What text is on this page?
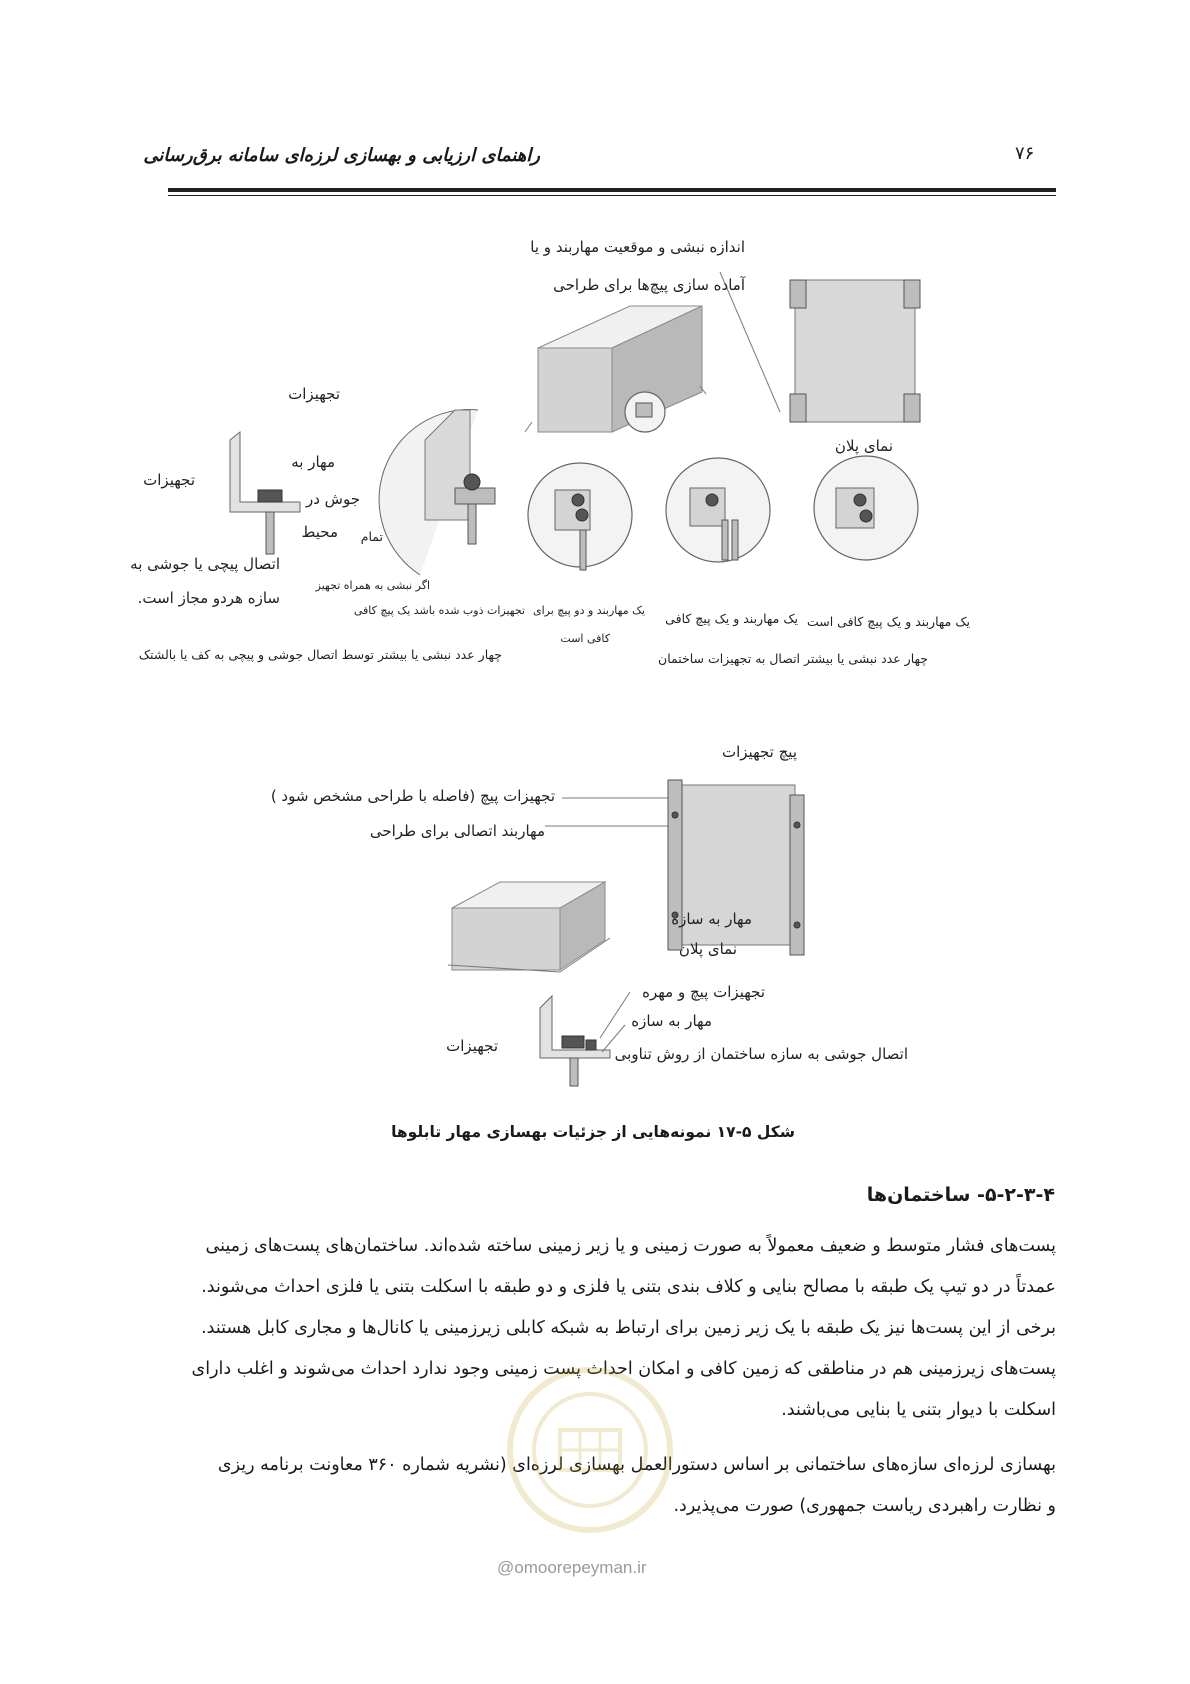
۷۶
راهنمای ارزیابی و بهسازی لرزه‌ای سامانه برق‌رسانی
اندازه نبشی و موقعیت مهاربند و یا
آماده سازی پیچ‌ها برای طراحی
نمای پلان
تجهیزات
تجهیزات
مهار به
جوش در
تمام
محیط
اتصال پیچی یا جوشی به
سازه هردو مجاز است.
اگر نبشی به همراه تجهیز
تجهیزات ذوب شده باشد یک پیچ کافی یک مهاربند و دو پیچ برای
کافی است
یک مهاربند و یک پیچ کافی یک مهاربند و یک پیچ کافی است
چهار عدد نبشی یا بیشتر توسط اتصال جوشی و پیچی به کف یا بالشتک	چهار عدد نبشی یا بیشتر اتصال به تجهیزات ساختمان
پیچ تجهیزات
تجهیزات پیچ (فاصله با طراحی مشخص شود )
مهاربند اتصالی برای طراحی
مهار به سازه
نمای پلان
تجهیزات پیچ و مهره
مهار به سازه
تجهیزات	اتصال جوشی به سازه ساختمان از روش تناوبی
شکل ۵-۱۷ نمونه‌هایی از جزئیات بهسازی مهار تابلوها
۵-۲-۳-۴- ساختمان‌ها
پست‌های فشار متوسط و ضعیف معمولاً به صورت زمینی و یا زیر زمینی ساخته شده‌اند. ساختمان‌های پست‌های زمینی
عمدتاً در دو تیپ یک طبقه با مصالح بنایی و کلاف بندی بتنی یا فلزی و دو طبقه با اسکلت بتنی یا فلزی احداث می‌شوند.
برخی از این پست‌ها نیز یک طبقه با یک زیر زمین برای ارتباط به شبکه کابلی زیرزمینی یا کانال‌ها و مجاری کابل هستند.
پست‌های زیرزمینی هم در مناطقی که زمین کافی و امکان احداث پست زمینی وجود ندارد احداث می‌شوند و اغلب دارای
اسکلت با دیوار بتنی یا بنایی می‌باشند.
بهسازی لرزه‌ای سازه‌های ساختمانی بر اساس دستورالعمل بهسازی لرزه‌ای (نشریه شماره ۳۶۰ معاونت برنامه ریزی
و نظارت راهبردی ریاست جمهوری) صورت می‌پذیرد.
@omoorepeyman.ir
